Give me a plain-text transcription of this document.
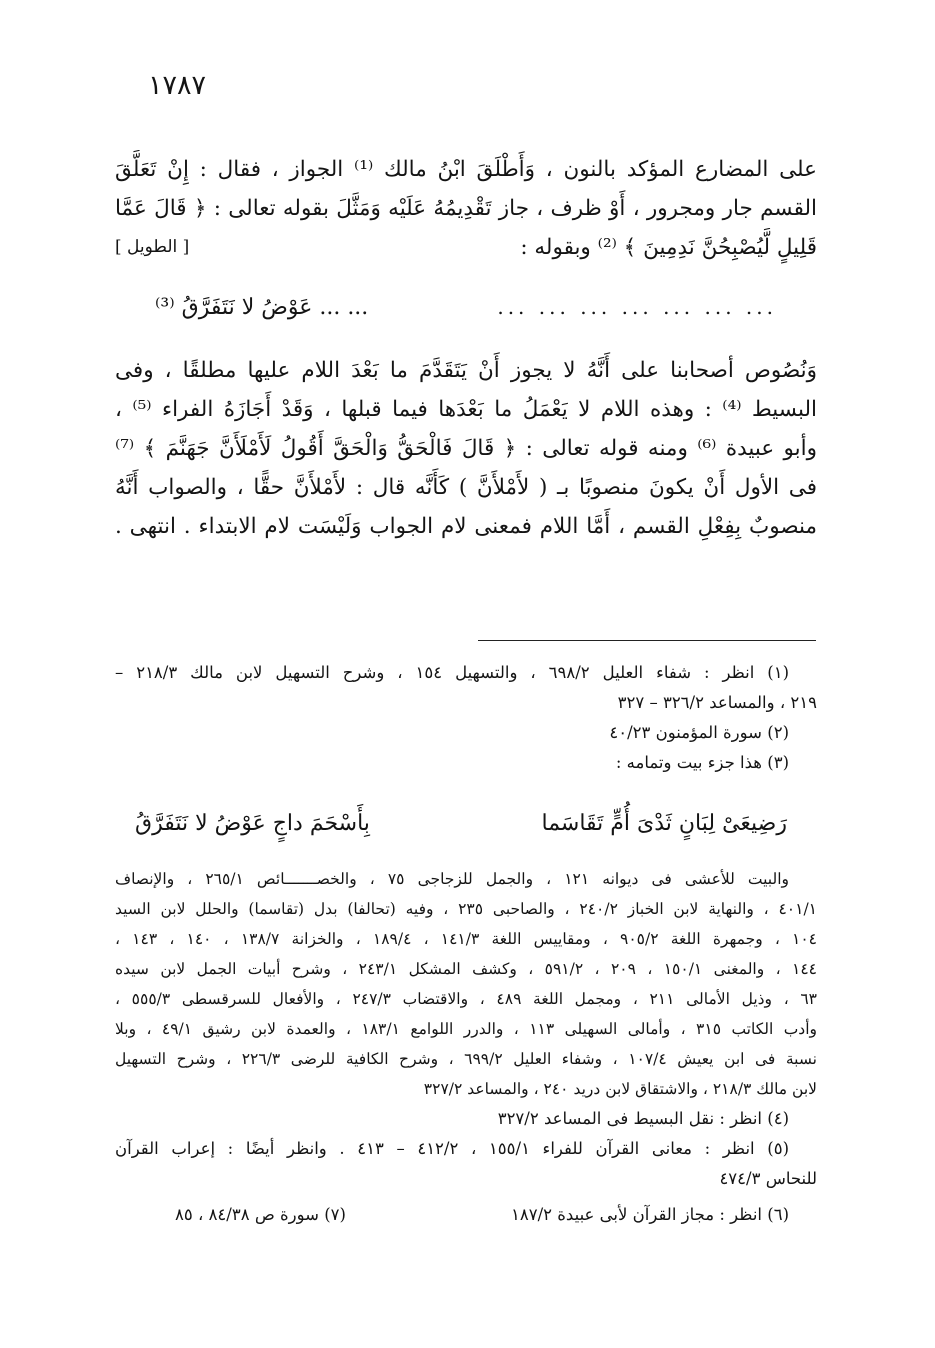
١٧٨٧
على المضارع المؤكد بالنون ، وَأَطْلَقَ ابْنُ مالك ⁽¹⁾ الجواز ، فقال : إِنْ تَعَلَّقَ
القسم جار ومجرور ، أَوْ ظرف ، جاز تَقْدِيمُهُ عَلَيْه وَمَثَّلَ بقوله تعالى : ﴿ قَالَ عَمَّا
قَلِيلٍ لَّيُصْبِحُنَّ نَدِمِينَ ﴾ ⁽²⁾ وبقوله :
[ الطويل ]
... ... ... ... ... ... ...
... ... عَوْضُ لا نَتَفَرَّقُ ⁽³⁾
وَنُصُوص أصحابنا على أَنَّهُ لا يجوز أَنْ يَتَقَدَّمَ ما بَعْدَ اللام عليها مطلقًا ، وفى
البسيط ⁽⁴⁾ : وهذه اللام لا يَعْمَلُ ما بَعْدَها فيما قبلها ، وَقَدْ أَجَازَهُ الفراء ⁽⁵⁾ ،
وأبو عبيدة ⁽⁶⁾ ومنه قوله تعالى : ﴿ قَالَ فَالْحَقُّ وَالْحَقَّ أَقُولُ لَأَمْلَأَنَّ جَهَنَّمَ ﴾ ⁽⁷⁾
فى الأول أَنْ يكونَ منصوبًا بـ ( لأَمْلأَنَّ ) كَأَنَّه قال : لأَمْلأَنَّ حقًّا ، والصواب أَنَّهُ
منصوبٌ بِفِعْلِ القسم ، أَمَّا اللام فمعنى لام الجواب وَلَيْسَت لام الابتداء . انتهى .
(١) انظر : شفاء العليل ٦٩٨/٢ ، والتسهيل ١٥٤ ، وشرح التسهيل لابن مالك ٢١٨/٣ –
٢١٩ ، والمساعد ٣٢٦/٢ – ٣٢٧
(٢) سورة المؤمنون ٤٠/٢٣
(٣) هذا جزء بيت وتمامه :
رَضِيعَىْ لِبَانٍ ثَدْىَ أُمٍّ تَقَاسَما
بِأَسْحَمَ داجٍ عَوْضُ لا نَتَفَرَّقُ
والبيت للأعشى فى ديوانه ١٢١ ، والجمل للزجاجى ٧٥ ، والخصـــــــائص ٢٦٥/١ ، والإنصاف
٤٠١/١ ، والنهاية لابن الخباز ٢٤٠/٢ ، والصاحبى ٢٣٥ ، وفيه (تحالفا) بدل (تقاسما) والحلل لابن السيد
١٠٤ ، وجمهرة اللغة ٩٠٥/٢ ، ومقاييس اللغة ١٤١/٣ ، ١٨٩/٤ ، والخزانة ١٣٨/٧ ، ١٤٠ ، ١٤٣ ،
١٤٤ ، والمغنى ١٥٠/١ ، ٢٠٩ ، ٥٩١/٢ ، وكشف المشكل ٢٤٣/١ ، وشرح أبيات الجمل لابن سيده
٦٣ ، وذيل الأمالى ٢١١ ، ومجمل اللغة ٤٨٩ ، والاقتضاب ٢٤٧/٣ ، والأفعال للسرقسطى ٥٥٥/٣ ،
وأدب الكاتب ٣١٥ ، وأمالى السهيلى ١١٣ ، والدرر اللوامع ١٨٣/١ ، والعمدة لابن رشيق ٤٩/١ ، وبلا
نسبة فى ابن يعيش ١٠٧/٤ ، وشفاء العليل ٦٩٩/٢ ، وشرح الكافية للرضى ٢٢٦/٣ ، وشرح التسهيل
لابن مالك ٢١٨/٣ ، والاشتقاق لابن دريد ٢٤٠ ، والمساعد ٣٢٧/٢
(٤) انظر : نقل البسيط فى المساعد ٣٢٧/٢
(٥) انظر : معانى القرآن للفراء ١٥٥/١ ، ٤١٢/٢ – ٤١٣ . وانظر أيضًا : إعراب القرآن
للنحاس ٤٧٤/٣
(٦) انظر : مجاز القرآن لأبى عبيدة ١٨٧/٢
(٧) سورة ص ٨٤/٣٨ ، ٨٥
